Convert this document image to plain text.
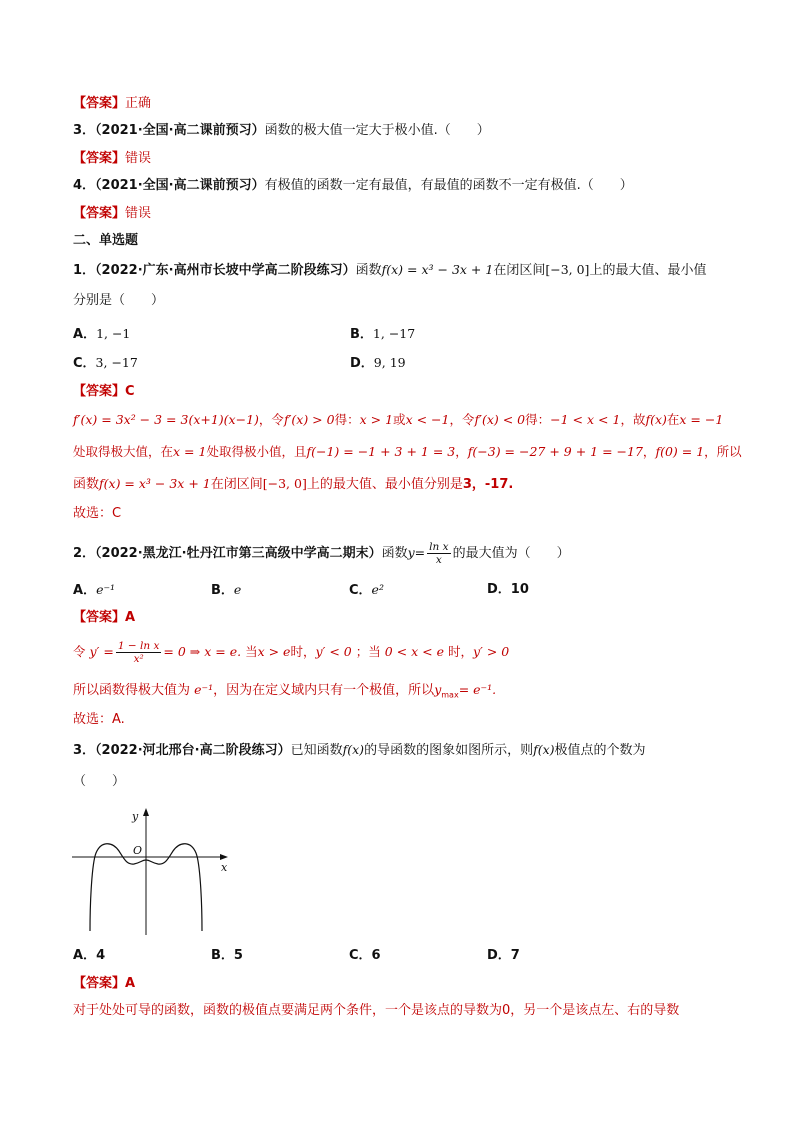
【答案】正确
3．（2021·全国·高二课前预习）函数的极大值一定大于极小值.（　　）
【答案】错误
4．（2021·全国·高二课前预习）有极值的函数一定有最值，有最值的函数不一定有极值.（　　）
【答案】错误
二、单选题
1．（2022·广东·高州市长坡中学高二阶段练习）函数f(x) = x³ − 3x + 1在闭区间[−3, 0]上的最大值、最小值
分别是（　　）
A．1, −1	B．1, −17
C．3, −17	D．9, 19
【答案】C
f′(x) = 3x² − 3 = 3(x+1)(x−1)，令f′(x) > 0得：x > 1或x < −1，令f′(x) < 0得：−1 < x < 1，故f(x)在x = −1
处取得极大值，在x = 1处取得极小值，且f(−1) = −1 + 3 + 1 = 3，f(−3) = −27 + 9 + 1 = −17，f(0) = 1，所以
函数f(x) = x³ − 3x + 1在闭区间[−3, 0]上的最大值、最小值分别是3，-17.
故选：C
2．（2022·黑龙江·牡丹江市第三高级中学高二期末）函数$y= \frac{\text{ln x}}{x}$ 的最大值为（　　）
A．e⁻¹	B．e	C．e²	D．10
【答案】A
令 $y' = \frac{\text{1 − ln x}}{\text{x²}} = 0$ ⇒ x = e. 当x > e时，y′ < 0 ；当 0 < x < e 时，y′ > 0
所以函数得极大值为 e⁻¹，因为在定义域内只有一个极值，所以$y_{max}= e^{-1}$.
故选：A.
3．（2022·河北邢台·高二阶段练习）已知函数f(x)的导函数的图象如图所示，则f(x)极值点的个数为
（　　）
y
x
O
A．4	B．5	C．6	D．7
【答案】A
对于处处可导的函数，函数的极值点要满足两个条件，一个是该点的导数为0，另一个是该点左、右的导数
